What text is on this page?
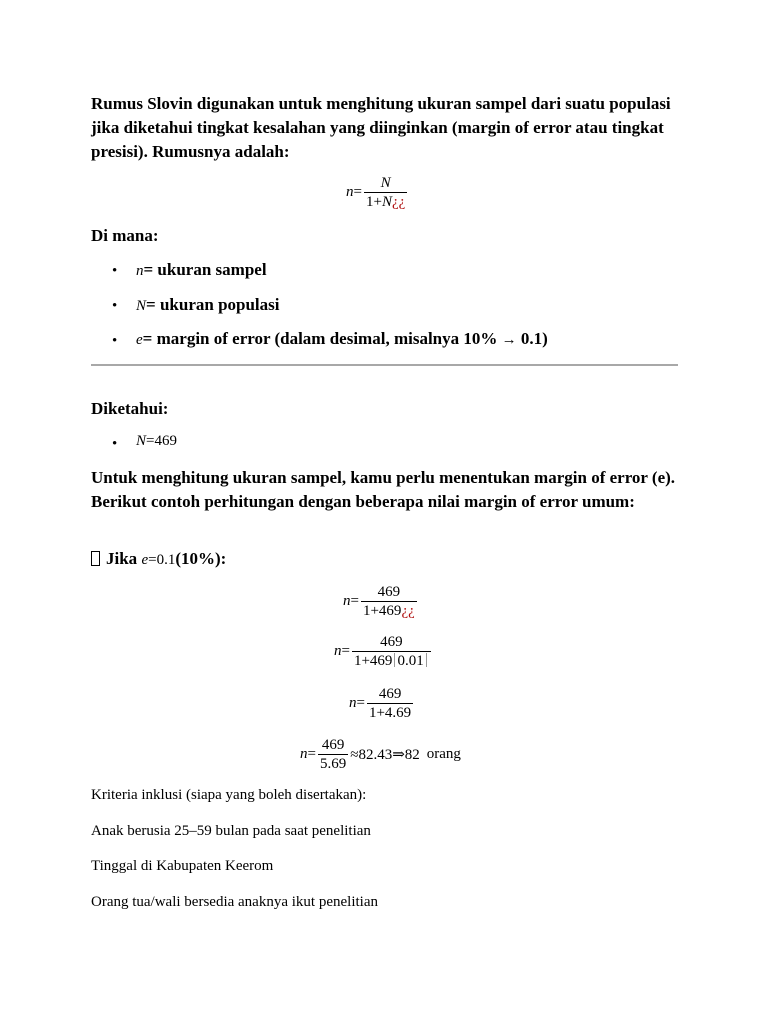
Rumus Slovin digunakan untuk menghitung ukuran sampel dari suatu populasi jika diketahui tingkat kesalahan yang diinginkan (margin of error atau tingkat presisi). Rumusnya adalah:

$n = \frac{N}{1+N¿¿}$
Di mana:
• n= ukuran sampel
• N= ukuran populasi
• e= margin of error (dalam desimal, misalnya 10% → 0.1)
Diketahui:
• N=469

Untuk menghitung ukuran sampel, kamu perlu menentukan margin of error (e). Berikut contoh perhitungan dengan beberapa nilai margin of error umum:

Jika e=0.1(10%):
$n = \frac{469}{1+469¿¿}$
$n = \frac{469}{1+469 0.01}$
$n = \frac{469}{1+4.69}$
$n = \frac{469}{5.69}$ ≈82.43⇒82 orang
Kriteria inklusi (siapa yang boleh disertakan):
Anak berusia 25–59 bulan pada saat penelitian
Tinggal di Kabupaten Keerom
Orang tua/wali bersedia anaknya ikut penelitian
